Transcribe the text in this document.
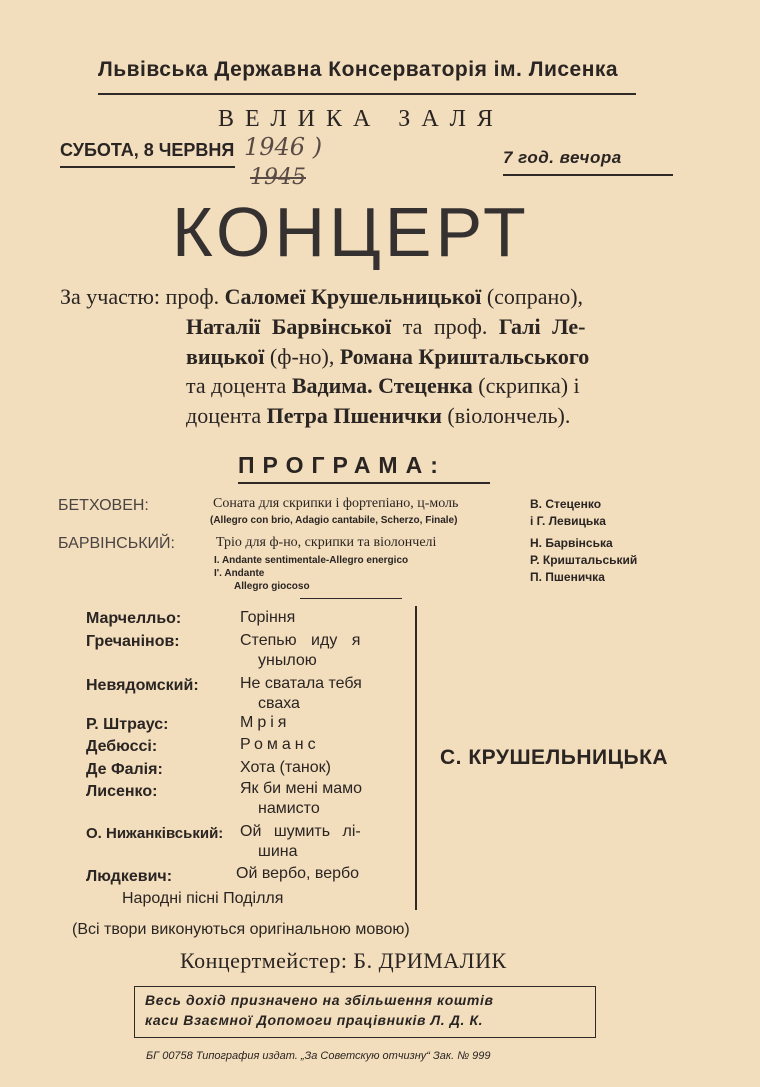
Львівська Державна Консерваторія ім. Лисенка
ВЕЛИКА ЗАЛЯ
СУБОТА, 8 ЧЕРВНЯ 1946 )
1945
7 год. вечора
КОНЦЕРТ
За участю: проф. Саломеї Крушельницької (сопрано),
Наталії Барвінської та проф. Галі Ле-
вицької (ф-но), Романа Криштальського
та доцента Вадима. Стеценка (скрипка) і
доцента Петра Пшенички (віолончель).
ПРОГРАМА:
БЕТХОВЕН:	Соната для скрипки і фортепіано, ц-моль
(Allegro con brio, Adagio cantabile, Scherzo, Finale)
В. Стеценко
і Г. Левицька
БАРВІНСЬКИЙ:	Тріо для ф-но, скрипки та віолончелі
I. Andante sentimentale-Allegro energico
I'. Andante
Allegro giocoso
Н. Барвінська
Р. Криштальський
П. Пшеничка
Марчелльо:	Горіння
Гречанінов:	Степью иду я
унылою
Невядомский:	Не сватала тебя
сваха
Р. Штраус:	Мрія
Дебюссі:	Романс
Де Фалія:	Хота (танок)
Лисенко:	Як би мені мамо
намисто
О. Нижанківський: Ой шумить лі-
шина
Людкевич:	Ой вербо, вербо
Народні пісні Поділля
С. КРУШЕЛЬНИЦЬКА
(Всі твори виконуються оригінальною мовою)
Концертмейстер: Б. ДРИМАЛИК
Весь дохід призначено на збільшення коштів
каси Взаємної Допомоги працівників Л. Д. К.
БГ 00758 Типография издат. „За Советскую отчизну“ Зак. № 999
